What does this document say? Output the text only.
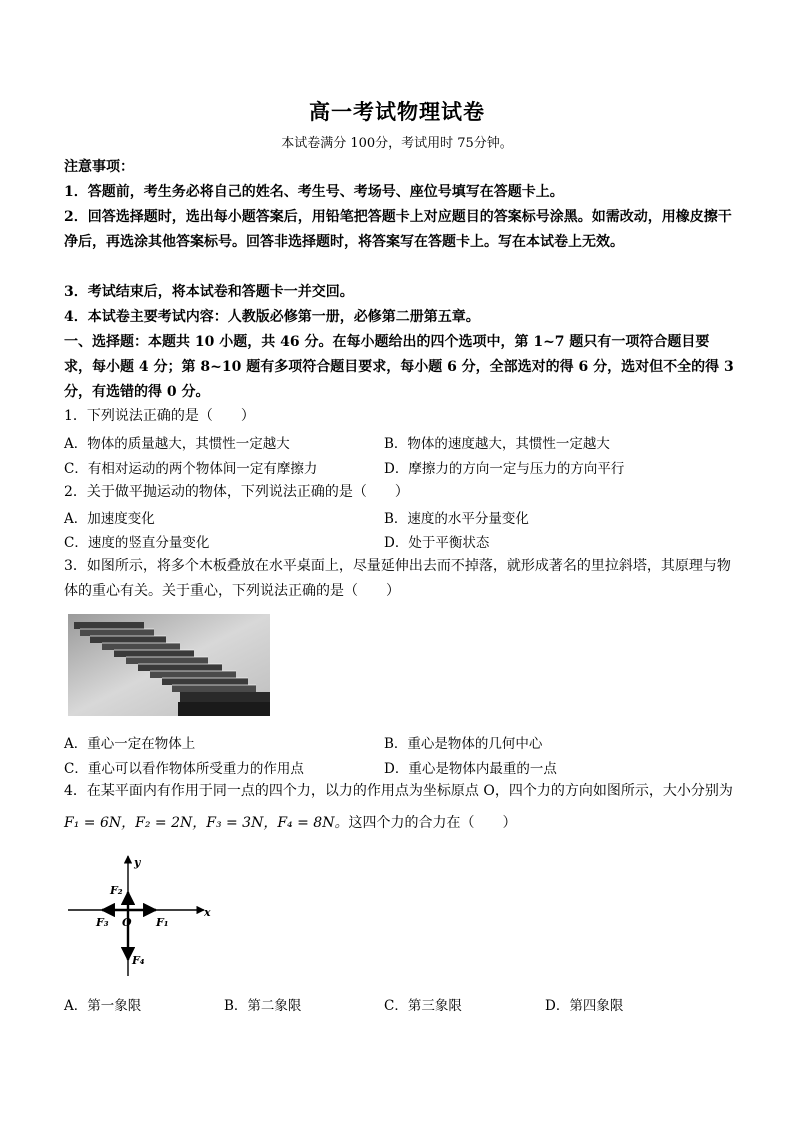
高一考试物理试卷
本试卷满分 100分，考试用时 75分钟。
注意事项：
1．答题前，考生务必将自己的姓名、考生号、考场号、座位号填写在答题卡上。
2．回答选择题时，选出每小题答案后，用铅笔把答题卡上对应题目的答案标号涂黑。如需改动，用橡皮擦干净后，再选涂其他答案标号。回答非选择题时，将答案写在答题卡上。写在本试卷上无效。
3．考试结束后，将本试卷和答题卡一并交回。
4．本试卷主要考试内容：人教版必修第一册，必修第二册第五章。
一、选择题：本题共 10 小题，共 46 分。在每小题给出的四个选项中，第 1~7 题只有一项符合题目要求，每小题 4 分；第 8~10 题有多项符合题目要求，每小题 6 分，全部选对的得 6 分，选对但不全的得 3 分，有选错的得 0 分。
1．下列说法正确的是（　　）
A．物体的质量越大，其惯性一定越大	B．物体的速度越大，其惯性一定越大
C．有相对运动的两个物体间一定有摩擦力	D．摩擦力的方向一定与压力的方向平行
2．关于做平抛运动的物体，下列说法正确的是（　　）
A．加速度变化	B．速度的水平分量变化
C．速度的竖直分量变化	D．处于平衡状态
3．如图所示，将多个木板叠放在水平桌面上，尽量延伸出去而不掉落，就形成著名的里拉斜塔，其原理与物体的重心有关。关于重心，下列说法正确的是（　　）
A．重心一定在物体上	B．重心是物体的几何中心
C．重心可以看作物体所受重力的作用点	D．重心是物体内最重的一点
4．在某平面内有作用于同一点的四个力，以力的作用点为坐标原点 O，四个力的方向如图所示，大小分别为
F₁ = 6N，F₂ = 2N，F₃ = 3N，F₄ = 8N。这四个力的合力在（　　）
y
x
O F₁
F₂
F₃
F₄
A．第一象限	B．第二象限	C．第三象限	D．第四象限
